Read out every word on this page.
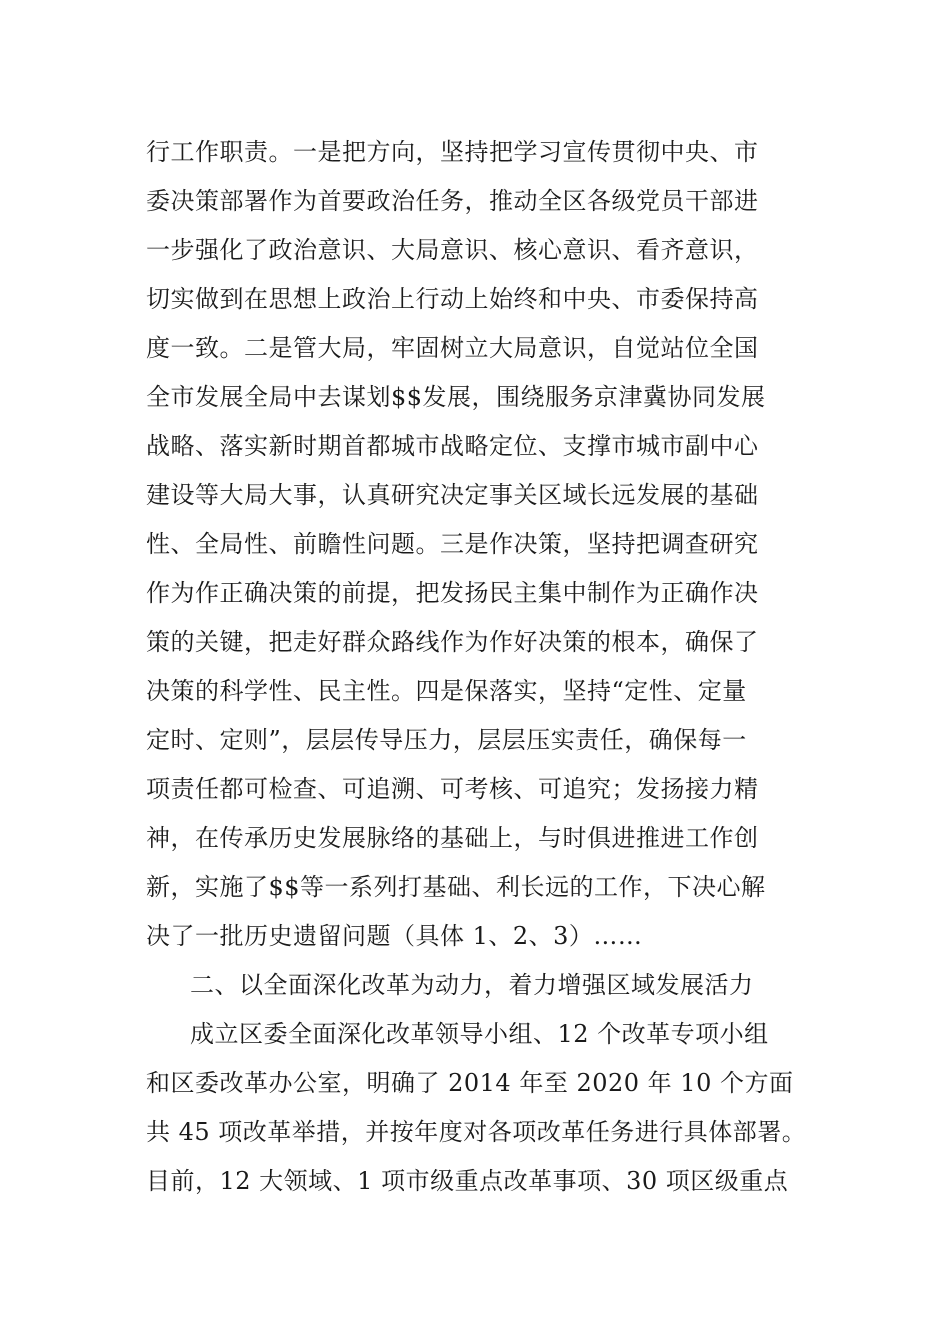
行工作职责。一是把方向，坚持把学习宣传贯彻中央、市
委决策部署作为首要政治任务，推动全区各级党员干部进
一步强化了政治意识、大局意识、核心意识、看齐意识，
切实做到在思想上政治上行动上始终和中央、市委保持高
度一致。二是管大局，牢固树立大局意识，自觉站位全国
全市发展全局中去谋划$$发展，围绕服务京津冀协同发展
战略、落实新时期首都城市战略定位、支撑市城市副中心
建设等大局大事，认真研究决定事关区域长远发展的基础
性、全局性、前瞻性问题。三是作决策，坚持把调查研究
作为作正确决策的前提，把发扬民主集中制作为正确作决
策的关键，把走好群众路线作为作好决策的根本，确保了
决策的科学性、民主性。四是保落实，坚持“定性、定量
定时、定则”，层层传导压力，层层压实责任，确保每一
项责任都可检查、可追溯、可考核、可追究；发扬接力精
神，在传承历史发展脉络的基础上，与时俱进推进工作创
新，实施了$$等一系列打基础、利长远的工作，下决心解
决了一批历史遗留问题（具体 1、2、3）……
二、以全面深化改革为动力，着力增强区域发展活力
成立区委全面深化改革领导小组、12 个改革专项小组
和区委改革办公室，明确了 2014 年至 2020 年 10 个方面
共 45 项改革举措，并按年度对各项改革任务进行具体部署。
目前，12 大领域、1 项市级重点改革事项、30 项区级重点
